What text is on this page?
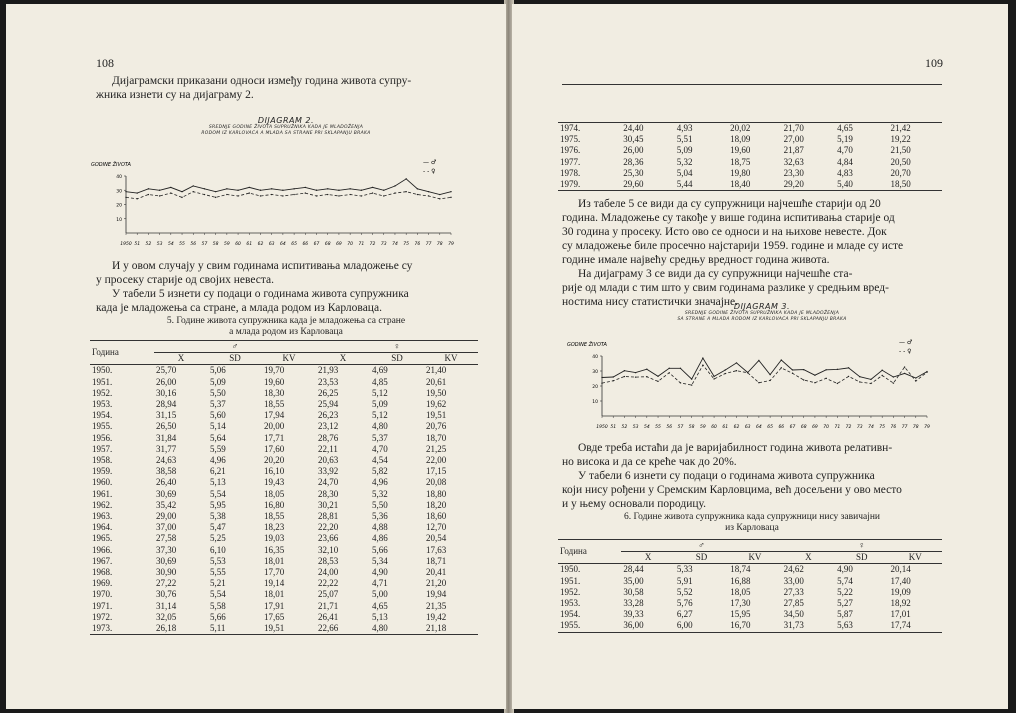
108
Дијаграмски приказани односи између година живота супру-
жника изнети су на дијаграму 2.
DIJAGRAM 2.
SREDNJE GODINE ŽIVOTA SUPRUŽNIKA KADA JE MLADOŽENJA
RODOM IZ KARLOVACA A MLADA SA STRANE PRI SKLAPANJU BRAKA
GODINE ŽIVOTA	— ♂
- - ♀
10
20
30
40
1950 51 52 53 54 55 56 57 58 59 60 61 62 63 64 65 66 67 68 69 70 71 72 73 74 75 76 77 78 79
И у овом случају у свим годинама испитивања младожење су
у просеку старије од својих невеста.
У табели 5 изнети су подаци о годинама живота супружника
када је младожења са стране, а млада родом из Карловаца.
5. Године живота супружника када је младожења са стране
а млада родом из Карловаца
Година	♂			♀		
	X	SD	KV	X	SD	KV
1950.	25,70	5,06	19,70	21,93	4,69	21,40
1951.	26,00	5,09	19,60	23,53	4,85	20,61
1952.	30,16	5,50	18,30	26,25	5,12	19,50
1953.	28,94	5,37	18,55	25,94	5,09	19,62
1954.	31,15	5,60	17,94	26,23	5,12	19,51
1955.	26,50	5,14	20,00	23,12	4,80	20,76
1956.	31,84	5,64	17,71	28,76	5,37	18,70
1957.	31,77	5,59	17,60	22,11	4,70	21,25
1958.	24,63	4,96	20,20	20,63	4,54	22,00
1959.	38,58	6,21	16,10	33,92	5,82	17,15
1960.	26,40	5,13	19,43	24,70	4,96	20,08
1961.	30,69	5,54	18,05	28,30	5,32	18,80
1962.	35,42	5,95	16,80	30,21	5,50	18,20
1963.	29,00	5,38	18,55	28,81	5,36	18,60
1964.	37,00	5,47	18,23	22,20	4,88	12,70
1965.	27,58	5,25	19,03	23,66	4,86	20,54
1966.	37,30	6,10	16,35	32,10	5,66	17,63
1967.	30,69	5,53	18,01	28,53	5,34	18,71
1968.	30,90	5,55	17,70	24,00	4,90	20,41
1969.	27,22	5,21	19,14	22,22	4,71	21,20
1970.	30,76	5,54	18,01	25,07	5,00	19,94
1971.	31,14	5,58	17,91	21,71	4,65	21,35
1972.	32,05	5,66	17,65	26,41	5,13	19,42
1973.	26,18	5,11	19,51	22,66	4,80	21,18
109
1974.	24,40	4,93	20,02	21,70	4,65	21,42
1975.	30,45	5,51	18,09	27,00	5,19	19,22
1976.	26,00	5,09	19,60	21,87	4,70	21,50
1977.	28,36	5,32	18,75	32,63	4,84	20,50
1978.	25,30	5,04	19,80	23,30	4,83	20,70
1979.	29,60	5,44	18,40	29,20	5,40	18,50
Из табеле 5 се види да су супружници најчешће старији од 20
година. Младожење су такође у више година испитивања старије од
30 година у просеку. Исто ово се односи и на њихове невесте. Док
су младожење биле просечно најстарији 1959. године и младе су исте
године имале највећу средњу вредност година живота.
На дијаграму 3 се види да су супружници најчешће ста-
рије од млади с тим што у свим годинама разлике у средњим вред-
ностима нису статистички значајне.
DIJAGRAM 3.
SREDNJE GODINE ŽIVOTA SUPRUŽNIKA KADA JE MLADOŽENJA
SA STRANE A MLADA RODOM IZ KARLOVACA PRI SKLAPANJU BRAKA
GODINE ŽIVOTA	— ♂
- - ♀
10
20
30
40
1950 51 52 53 54 55 56 57 58 59 60 61 62 63 64 65 66 67 68 69 70 71 72 73 74 75 76 77 78 79
Овде треба истаћи да је варијабилност година живота релативн-
но висока и да се креће чак до 20%.
У табели 6 изнети су подаци о годинама живота супружника
који нису рођени у Сремским Карловцима, већ досељени у ово место
и у њему основали породицу.
6. Године живота супружника када супружници нису завичајни
из Карловаца
Година	♂			♀		
	X	SD	KV	X	SD	KV
1950.	28,44	5,33	18,74	24,62	4,90	20,14
1951.	35,00	5,91	16,88	33,00	5,74	17,40
1952.	30,58	5,52	18,05	27,33	5,22	19,09
1953.	33,28	5,76	17,30	27,85	5,27	18,92
1954.	39,33	6,27	15,95	34,50	5,87	17,01
1955.	36,00	6,00	16,70	31,73	5,63	17,74
